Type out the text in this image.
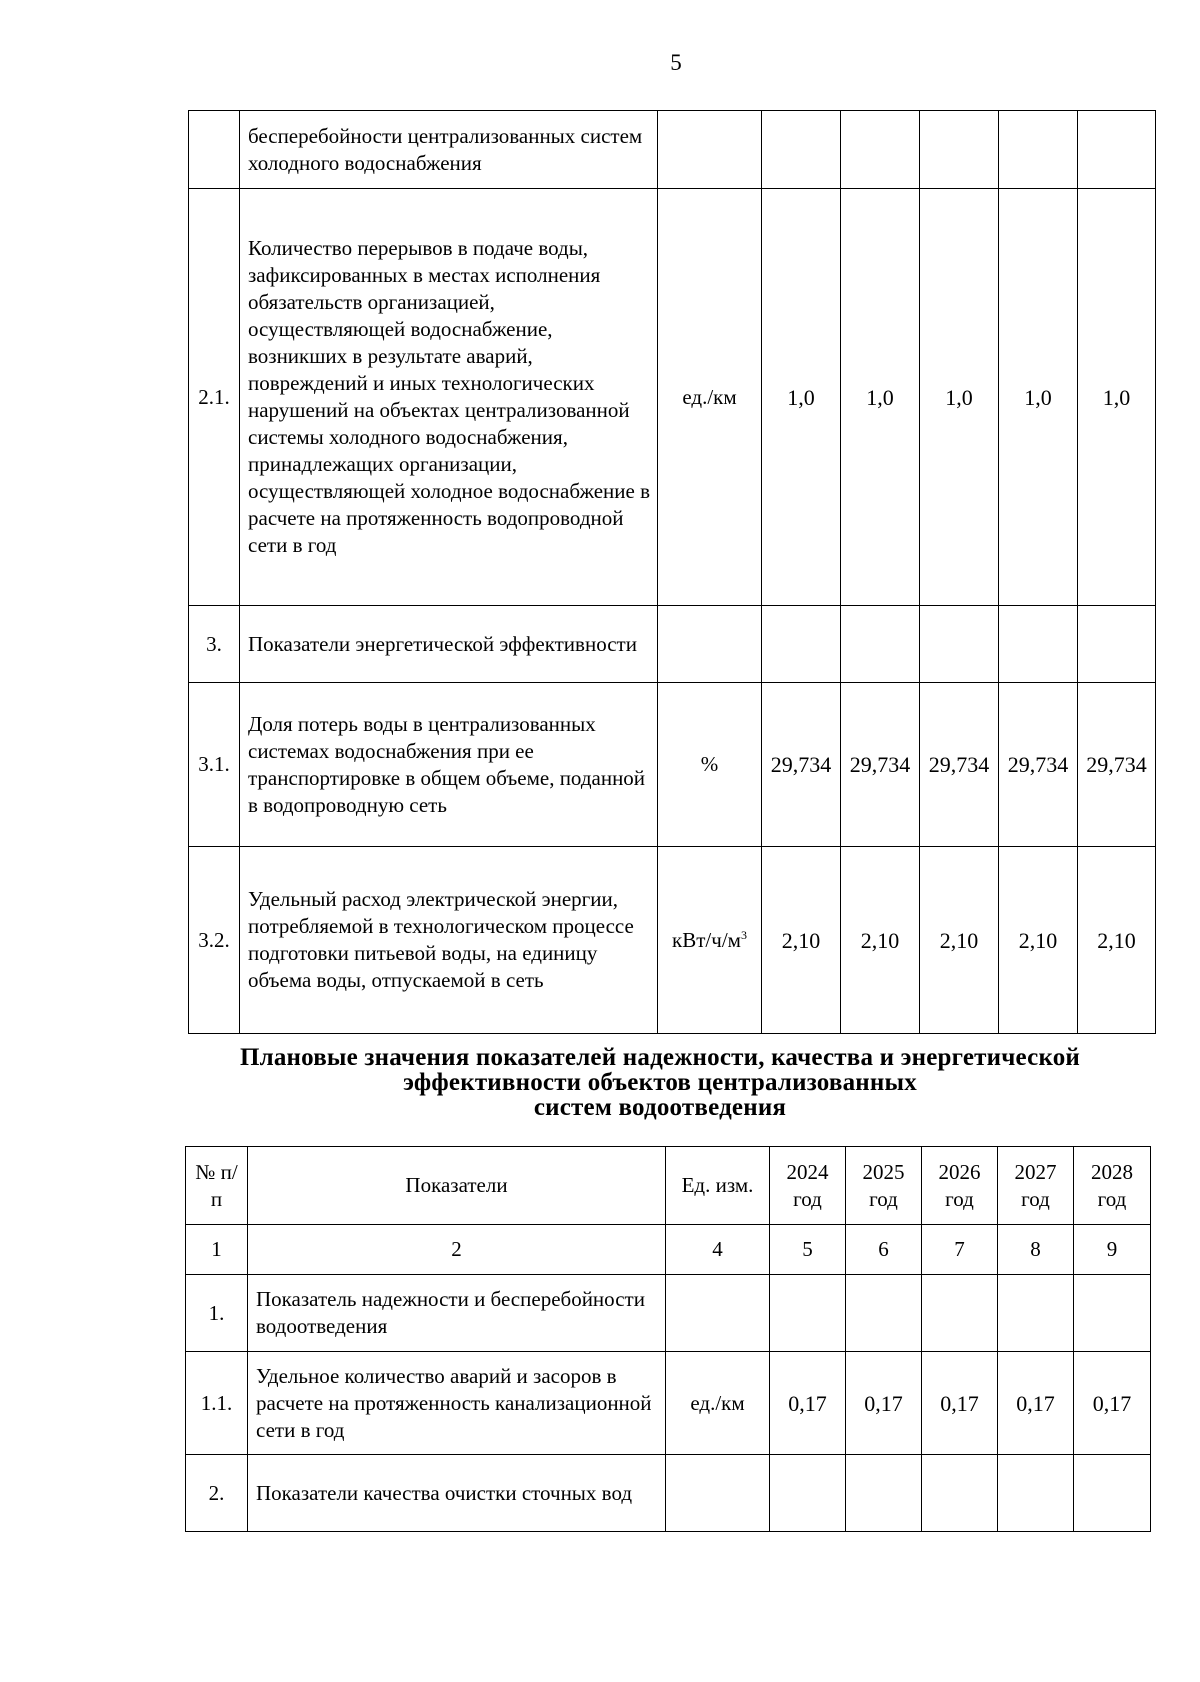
5
	бесперебойности централизованных систем холодного водоснабжения						
2.1.	Количество перерывов в подаче воды, зафиксированных в местах исполнения обязательств организацией, осуществляющей водоснабжение, возникших в результате аварий, повреждений и иных технологических нарушений на объектах централизованной системы холодного водоснабжения, принадлежащих организации, осуществляющей холодное водоснабжение в расчете на протяженность водопроводной сети в год	ед./км	1,0	1,0	1,0	1,0	1,0
3.	Показатели энергетической эффективности						
3.1.	Доля потерь воды в централизованных системах водоснабжения при ее транспортировке в общем объеме, поданной в водопроводную сеть	%	29,734	29,734	29,734	29,734	29,734
3.2.	Удельный расход электрической энергии, потребляемой в технологическом процессе подготовки питьевой воды, на единицу объема воды, отпускаемой в сеть	кВт/$ч/м^3$	2,10	2,10	2,10	2,10	2,10
Плановые значения показателей надежности, качества и энергетической
эффективности объектов централизованных
систем водоотведения
№ п/п	Показатели	Ед. изм.	2024 год	2025 год	2026 год	2027 год	2028 год
1	2	4	5	6	7	8	9
1.	Показатель надежности и бесперебойности водоотведения						
1.1.	Удельное количество аварий и засоров в расчете на протяженность канализационной сети в год	ед./км	0,17	0,17	0,17	0,17	0,17
2.	Показатели качества очистки сточных вод						
